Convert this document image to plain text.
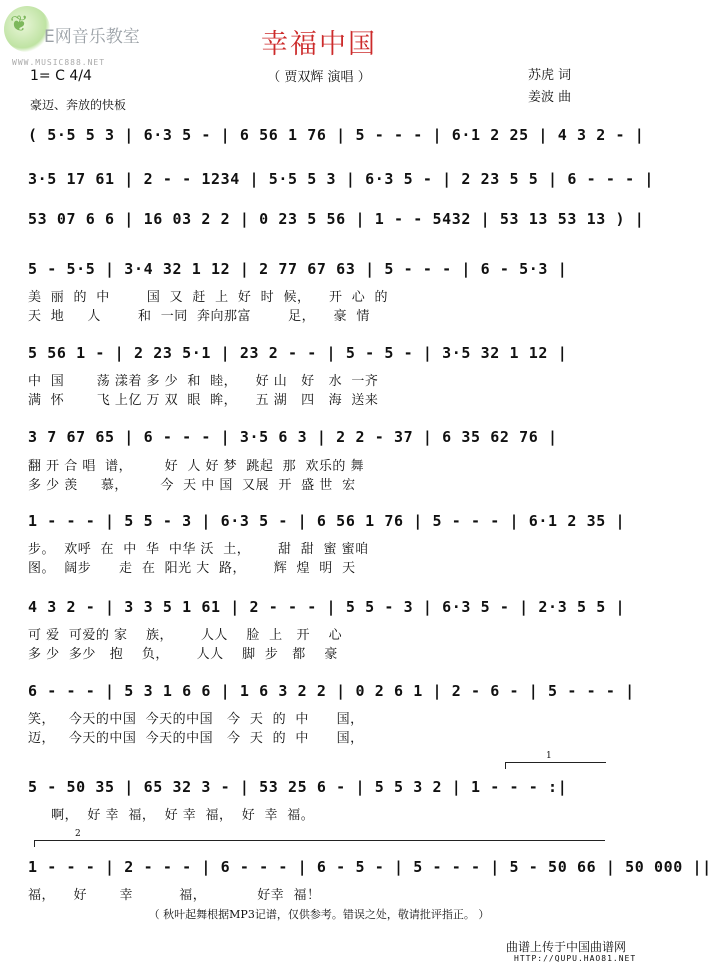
❦ E网音乐教室
WWW.MUSIC888.NET
幸福中国
（ 贾双辉 演唱 ）
1= C 4/4
豪迈、奔放的快板
苏虎 词
姜波 曲
( 5·5 5 3 | 6·3 5 - | 6 56 1 76 | 5 - - - | 6·1 2 25 | 4 3 2 - |
3·5 17 61 | 2 - - 1234 | 5·5 5 3 | 6·3 5 - | 2 23 5 5 | 6 - - - |
53 07 6 6 | 16 03 2 2 | 0 23 5 56 | 1 - - 5432 | 53 13 53 13 ) |
5 - 5·5 | 3·4 32 1 12 | 2 77 67 63 | 5 - - - | 6 - 5·3 |
美  丽  的  中        国  又  赶  上  好  时  候，    开  心  的
天  地     人        和  一同  奔向那富        足，    豪  情
5 56 1 - | 2 23 5·1 | 23 2 - - | 5 - 5 - | 3·5 32 1 12 |
中  国       荡 漾着 多 少  和  睦，    好 山   好   水  一齐
满  怀       飞 上亿 万 双  眼  眸，    五 湖   四   海  送来
3 7 67 65 | 6 - - - | 3·5 6 3 | 2 2 - 37 | 6 35 62 76 |
翻 开 合 唱  谱，       好  人 好 梦  跳起  那  欢乐的 舞
多 少 羡     慕，       今  天 中 国  又展  开  盛 世  宏
1 - - - | 5 5 - 3 | 6·3 5 - | 6 56 1 76 | 5 - - - | 6·1 2 35 |
步。  欢呼  在  中  华  中华 沃  土，      甜  甜  蜜 蜜咱
图。  阔步      走  在  阳光 大  路，      辉  煌  明  天
4 3 2 - | 3 3 5 1 61 | 2 - - - | 5 5 - 3 | 6·3 5 - | 2·3 5 5 |
可 爱  可爱的 家    族，      人人    脸  上   开    心
多 少  多少   抱    负，      人人    脚  步   都    豪
6 - - - | 5 3 1 6 6 | 1 6 3 2 2 | 0 2 6 1 | 2 - 6 - | 5 - - - |
笑，   今天的中国  今天的中国   今  天  的  中      国，
迈，   今天的中国  今天的中国   今  天  的  中      国，
1
5 - 50 35 | 65 32 3 - | 53 25 6 - | 5 5 3 2 | 1 - - - :|
啊，  好 幸  福，  好 幸  福，  好  幸  福。
2
1 - - - | 2 - - - | 6 - - - | 6 - 5 - | 5 - - - | 5 - 50 66 | 50 000 ||
福，    好       幸          福，           好幸  福！
（ 秋叶起舞根据MP3记谱，仅供参考。错误之处，敬请批评指正。 ）
曲谱上传于中国曲谱网
HTTP://QUPU.HAO81.NET
